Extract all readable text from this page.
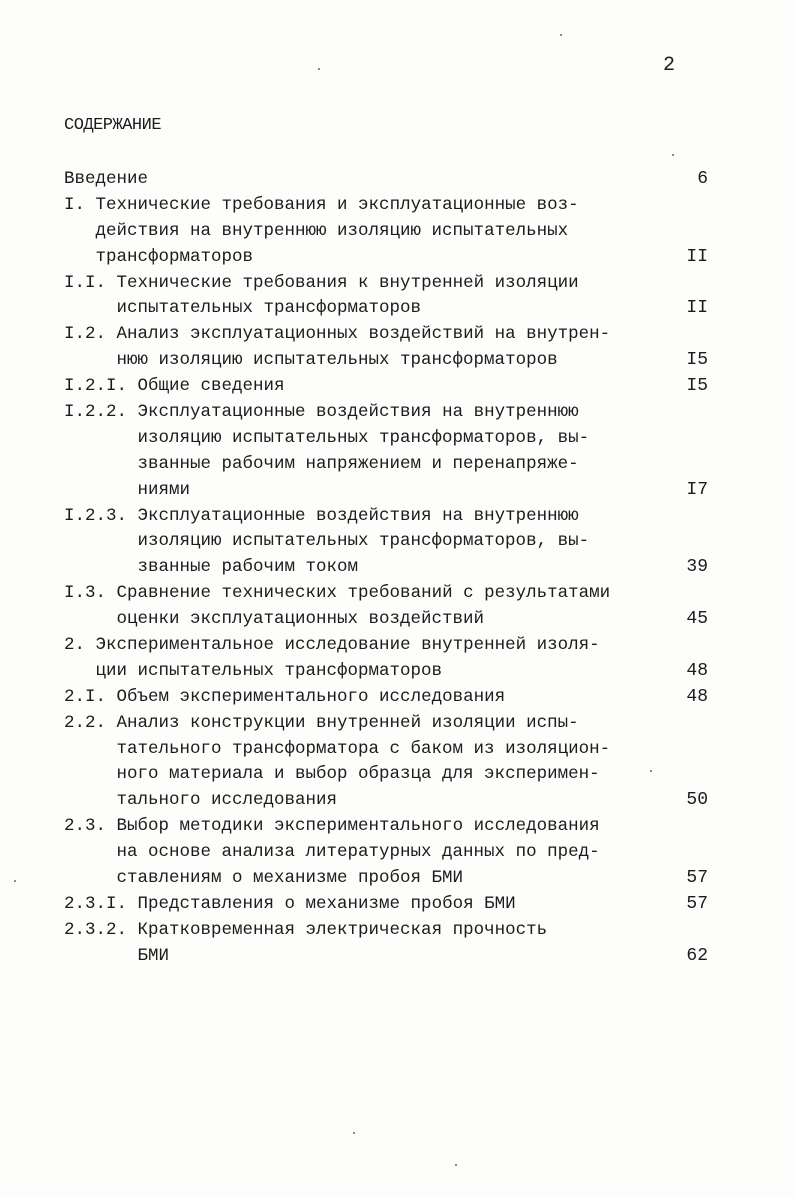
2
СОДЕРЖАНИЕ
Введение	6
I. Технические требования и эксплуатационные воз-
действия на внутреннюю изоляцию испытательных
трансформаторов	II
I.I. Технические требования к внутренней изоляции
испытательных трансформаторов	II
I.2. Анализ эксплуатационных воздействий на внутрен-
нюю изоляцию испытательных трансформаторов	I5
I.2.I. Общие сведения	I5
I.2.2. Эксплуатационные воздействия на внутреннюю
изоляцию испытательных трансформаторов, вы-
званные рабочим напряжением и перенапряже-
ниями	I7
I.2.3. Эксплуатационные воздействия на внутреннюю
изоляцию испытательных трансформаторов, вы-
званные рабочим током	39
I.3. Сравнение технических требований с результатами
оценки эксплуатационных воздействий	45
2. Экспериментальное исследование внутренней изоля-
ции испытательных трансформаторов	48
2.I. Объем экспериментального исследования	48
2.2. Анализ конструкции внутренней изоляции испы-
тательного трансформатора с баком из изоляцион-
ного материала и выбор образца для эксперимен-
тального исследования	50
2.3. Выбор методики экспериментального исследования
на основе анализа литературных данных по пред-
ставлениям о механизме пробоя БМИ	57
2.3.I. Представления о механизме пробоя БМИ	57
2.3.2. Кратковременная электрическая прочность
БМИ	62
